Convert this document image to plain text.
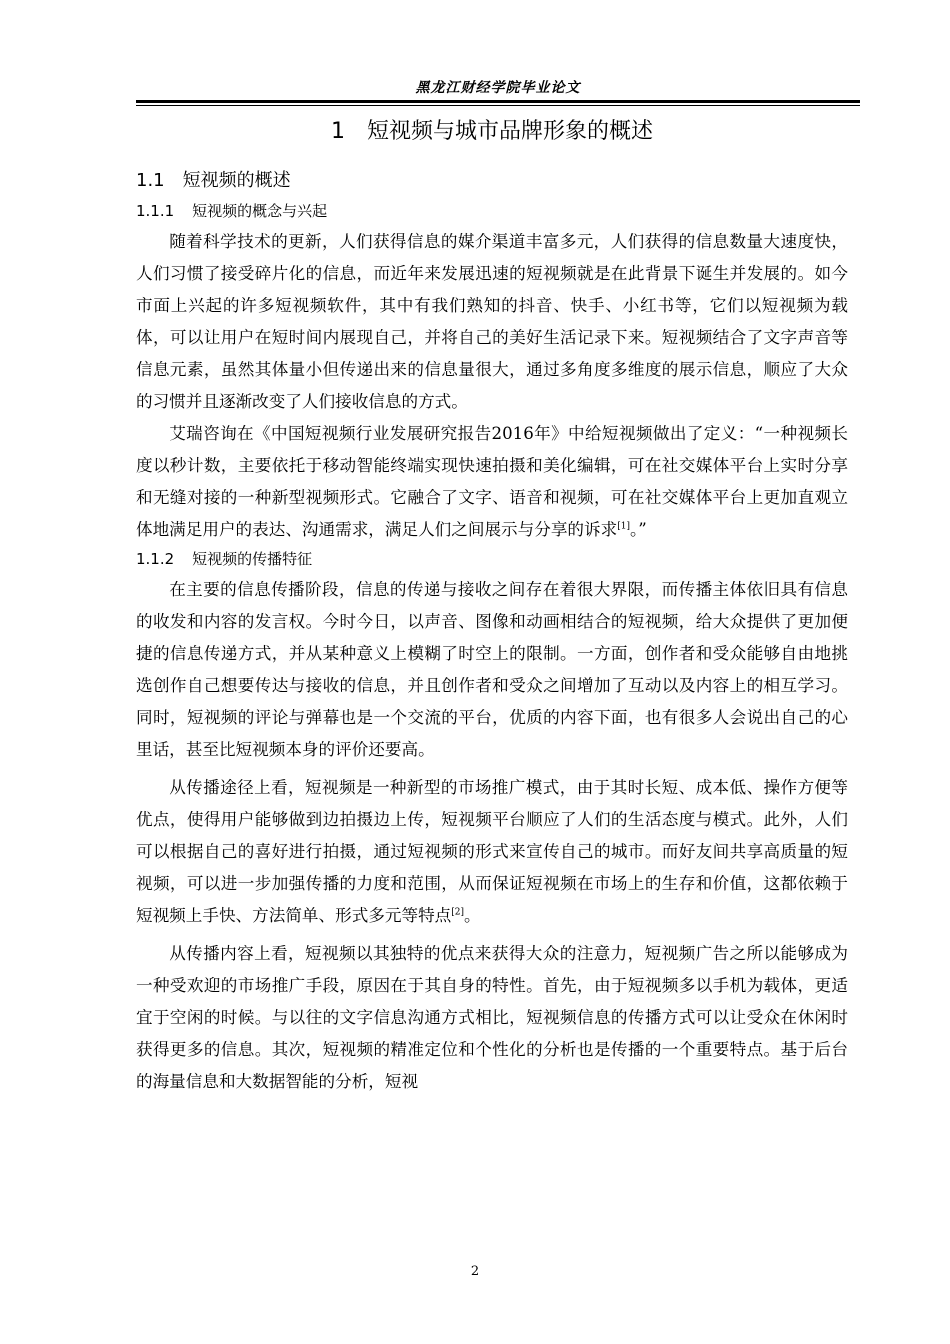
黑龙江财经学院毕业论文
1 短视频与城市品牌形象的概述
1.1 短视频的概述
1.1.1 短视频的概念与兴起

随着科学技术的更新，人们获得信息的媒介渠道丰富多元，人们获得的信息数量大速度快，人们习惯了接受碎片化的信息，而近年来发展迅速的短视频就是在此背景下诞生并发展的。如今市面上兴起的许多短视频软件，其中有我们熟知的抖音、快手、小红书等，它们以短视频为载体，可以让用户在短时间内展现自己，并将自己的美好生活记录下来。短视频结合了文字声音等信息元素，虽然其体量小但传递出来的信息量很大，通过多角度多维度的展示信息，顺应了大众的习惯并且逐渐改变了人们接收信息的方式。

艾瑞咨询在《中国短视频行业发展研究报告2016年》中给短视频做出了定义：“一种视频长度以秒计数，主要依托于移动智能终端实现快速拍摄和美化编辑，可在社交媒体平台上实时分享和无缝对接的一种新型视频形式。它融合了文字、语音和视频，可在社交媒体平台上更加直观立体地满足用户的表达、沟通需求，满足人们之间展示与分享的诉求[1]。”

1.1.2 短视频的传播特征

在主要的信息传播阶段，信息的传递与接收之间存在着很大界限，而传播主体依旧具有信息的收发和内容的发言权。今时今日，以声音、图像和动画相结合的短视频，给大众提供了更加便捷的信息传递方式，并从某种意义上模糊了时空上的限制。一方面，创作者和受众能够自由地挑选创作自己想要传达与接收的信息，并且创作者和受众之间增加了互动以及内容上的相互学习。同时，短视频的评论与弹幕也是一个交流的平台，优质的内容下面，也有很多人会说出自己的心里话，甚至比短视频本身的评价还要高。

从传播途径上看，短视频是一种新型的市场推广模式，由于其时长短、成本低、操作方便等优点，使得用户能够做到边拍摄边上传，短视频平台顺应了人们的生活态度与模式。此外，人们可以根据自己的喜好进行拍摄，通过短视频的形式来宣传自己的城市。而好友间共享高质量的短视频，可以进一步加强传播的力度和范围，从而保证短视频在市场上的生存和价值，这都依赖于短视频上手快、方法简单、形式多元等特点[2]。

从传播内容上看，短视频以其独特的优点来获得大众的注意力，短视频广告之所以能够成为一种受欢迎的市场推广手段，原因在于其自身的特性。首先，由于短视频多以手机为载体，更适宜于空闲的时候。与以往的文字信息沟通方式相比，短视频信息的传播方式可以让受众在休闲时获得更多的信息。其次，短视频的精准定位和个性化的分析也是传播的一个重要特点。基于后台的海量信息和大数据智能的分析，短视

2
